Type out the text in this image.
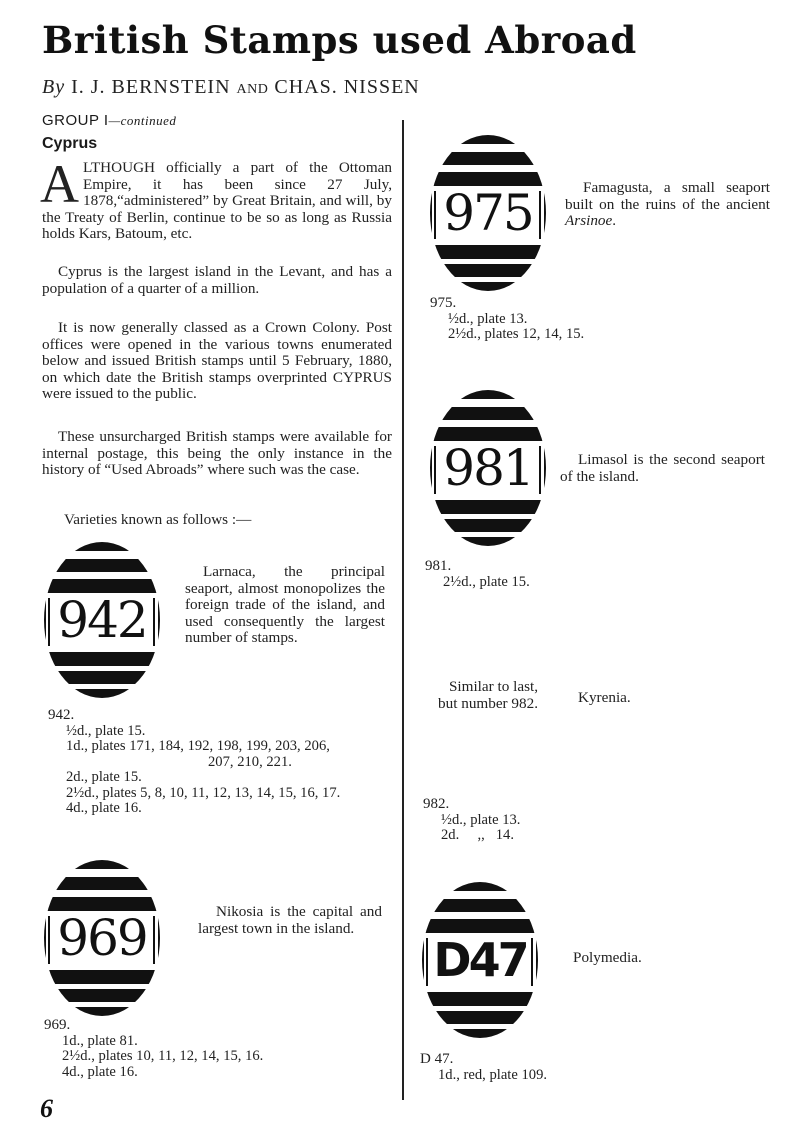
British Stamps used Abroad
By I. J. BERNSTEIN AND CHAS. NISSEN
GROUP I—continued
Cyprus
ALTHOUGH officially a part of the Ottoman Empire, it has been since 27 July, 1878,“administered” by Great Britain, and will, by the Treaty of Berlin, continue to be so as long as Russia holds Kars, Batoum, etc.
Cyprus is the largest island in the Levant, and has a population of a quarter of a million.
It is now generally classed as a Crown Colony. Post offices were opened in the various towns enumerated below and issued British stamps until 5 February, 1880, on which date the British stamps overprinted CYPRUS were issued to the public.
These unsurcharged British stamps were available for internal postage, this being the only instance in the history of “Used Abroads” where such was the case.
Varieties known as follows :—
942
Larnaca, the principal seaport, almost monopolizes the foreign trade of the island, and used consequently the largest number of stamps.
942.
½d., plate 15.
1d., plates 171, 184, 192, 198, 199, 203, 206,
207, 210, 221.
2d., plate 15.
2½d., plates 5, 8, 10, 11, 12, 13, 14, 15, 16, 17.
4d., plate 16.
969	Nikosia is the capital and largest town in the island.
969.
1d., plate 81.
2½d., plates 10, 11, 12, 14, 15, 16.
4d., plate 16.
6
975	Famagusta, a small seaport built on the ruins of the ancient Arsinoe.
975.
½d., plate 13.
2½d., plates 12, 14, 15.
981	Limasol is the second seaport of the island.
981.
2½d., plate 15.
Similar to last,
but number 982.	Kyrenia.
982.
½d., plate 13.
2d.     ,,   14.
D47	Polymedia.
D 47.
1d., red, plate 109.
